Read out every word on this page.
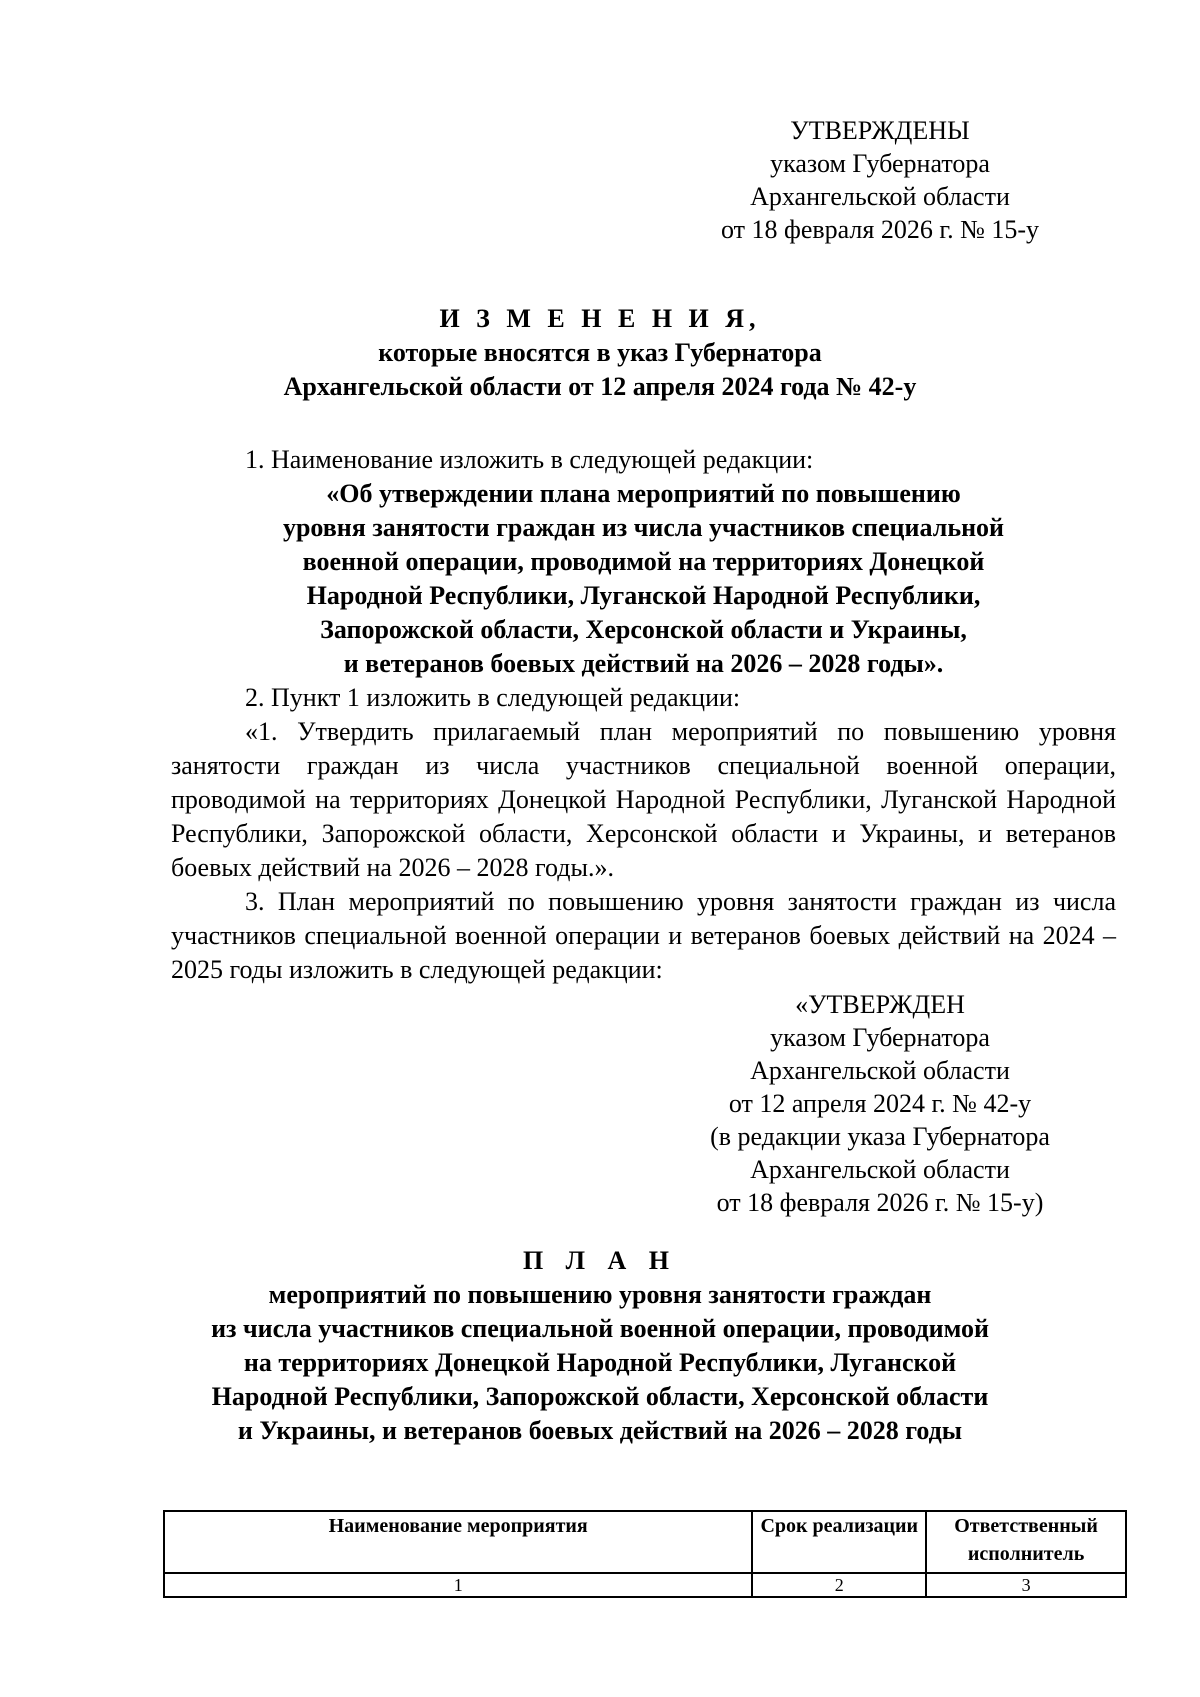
УТВЕРЖДЕНЫ
указом Губернатора
Архангельской области
от 18 февраля 2026 г. № 15-у
И З М Е Н Е Н И Я,
которые вносятся в указ Губернатора
Архангельской области от 12 апреля 2024 года № 42-у

1. Наименование изложить в следующей редакции:

«Об утверждении плана мероприятий по повышению

уровня занятости граждан из числа участников специальной

военной операции, проводимой на территориях Донецкой

Народной Республики, Луганской Народной Республики,

Запорожской области, Херсонской области и Украины,

и ветеранов боевых действий на 2026 – 2028 годы».

2. Пункт 1 изложить в следующей редакции:

«1. Утвердить прилагаемый план мероприятий по повышению уровня занятости граждан из числа участников специальной военной операции, проводимой на территориях Донецкой Народной Республики, Луганской Народной Республики, Запорожской области, Херсонской области и Украины, и ветеранов боевых действий на 2026 – 2028 годы.».

3. План мероприятий по повышению уровня занятости граждан из числа участников специальной военной операции и ветеранов боевых действий на 2024 – 2025 годы изложить в следующей редакции:

«УТВЕРЖДЕН
указом Губернатора
Архангельской области
от 12 апреля 2024 г. № 42-у
(в редакции указа Губернатора
Архангельской области
от 18 февраля 2026 г. № 15-у)
П Л А Н
мероприятий по повышению уровня занятости граждан
из числа участников специальной военной операции, проводимой
на территориях Донецкой Народной Республики, Луганской
Народной Республики, Запорожской области, Херсонской области
и Украины, и ветеранов боевых действий на 2026 – 2028 годы
Наименование мероприятия	Срок реализации	Ответственный исполнитель
1	2	3
